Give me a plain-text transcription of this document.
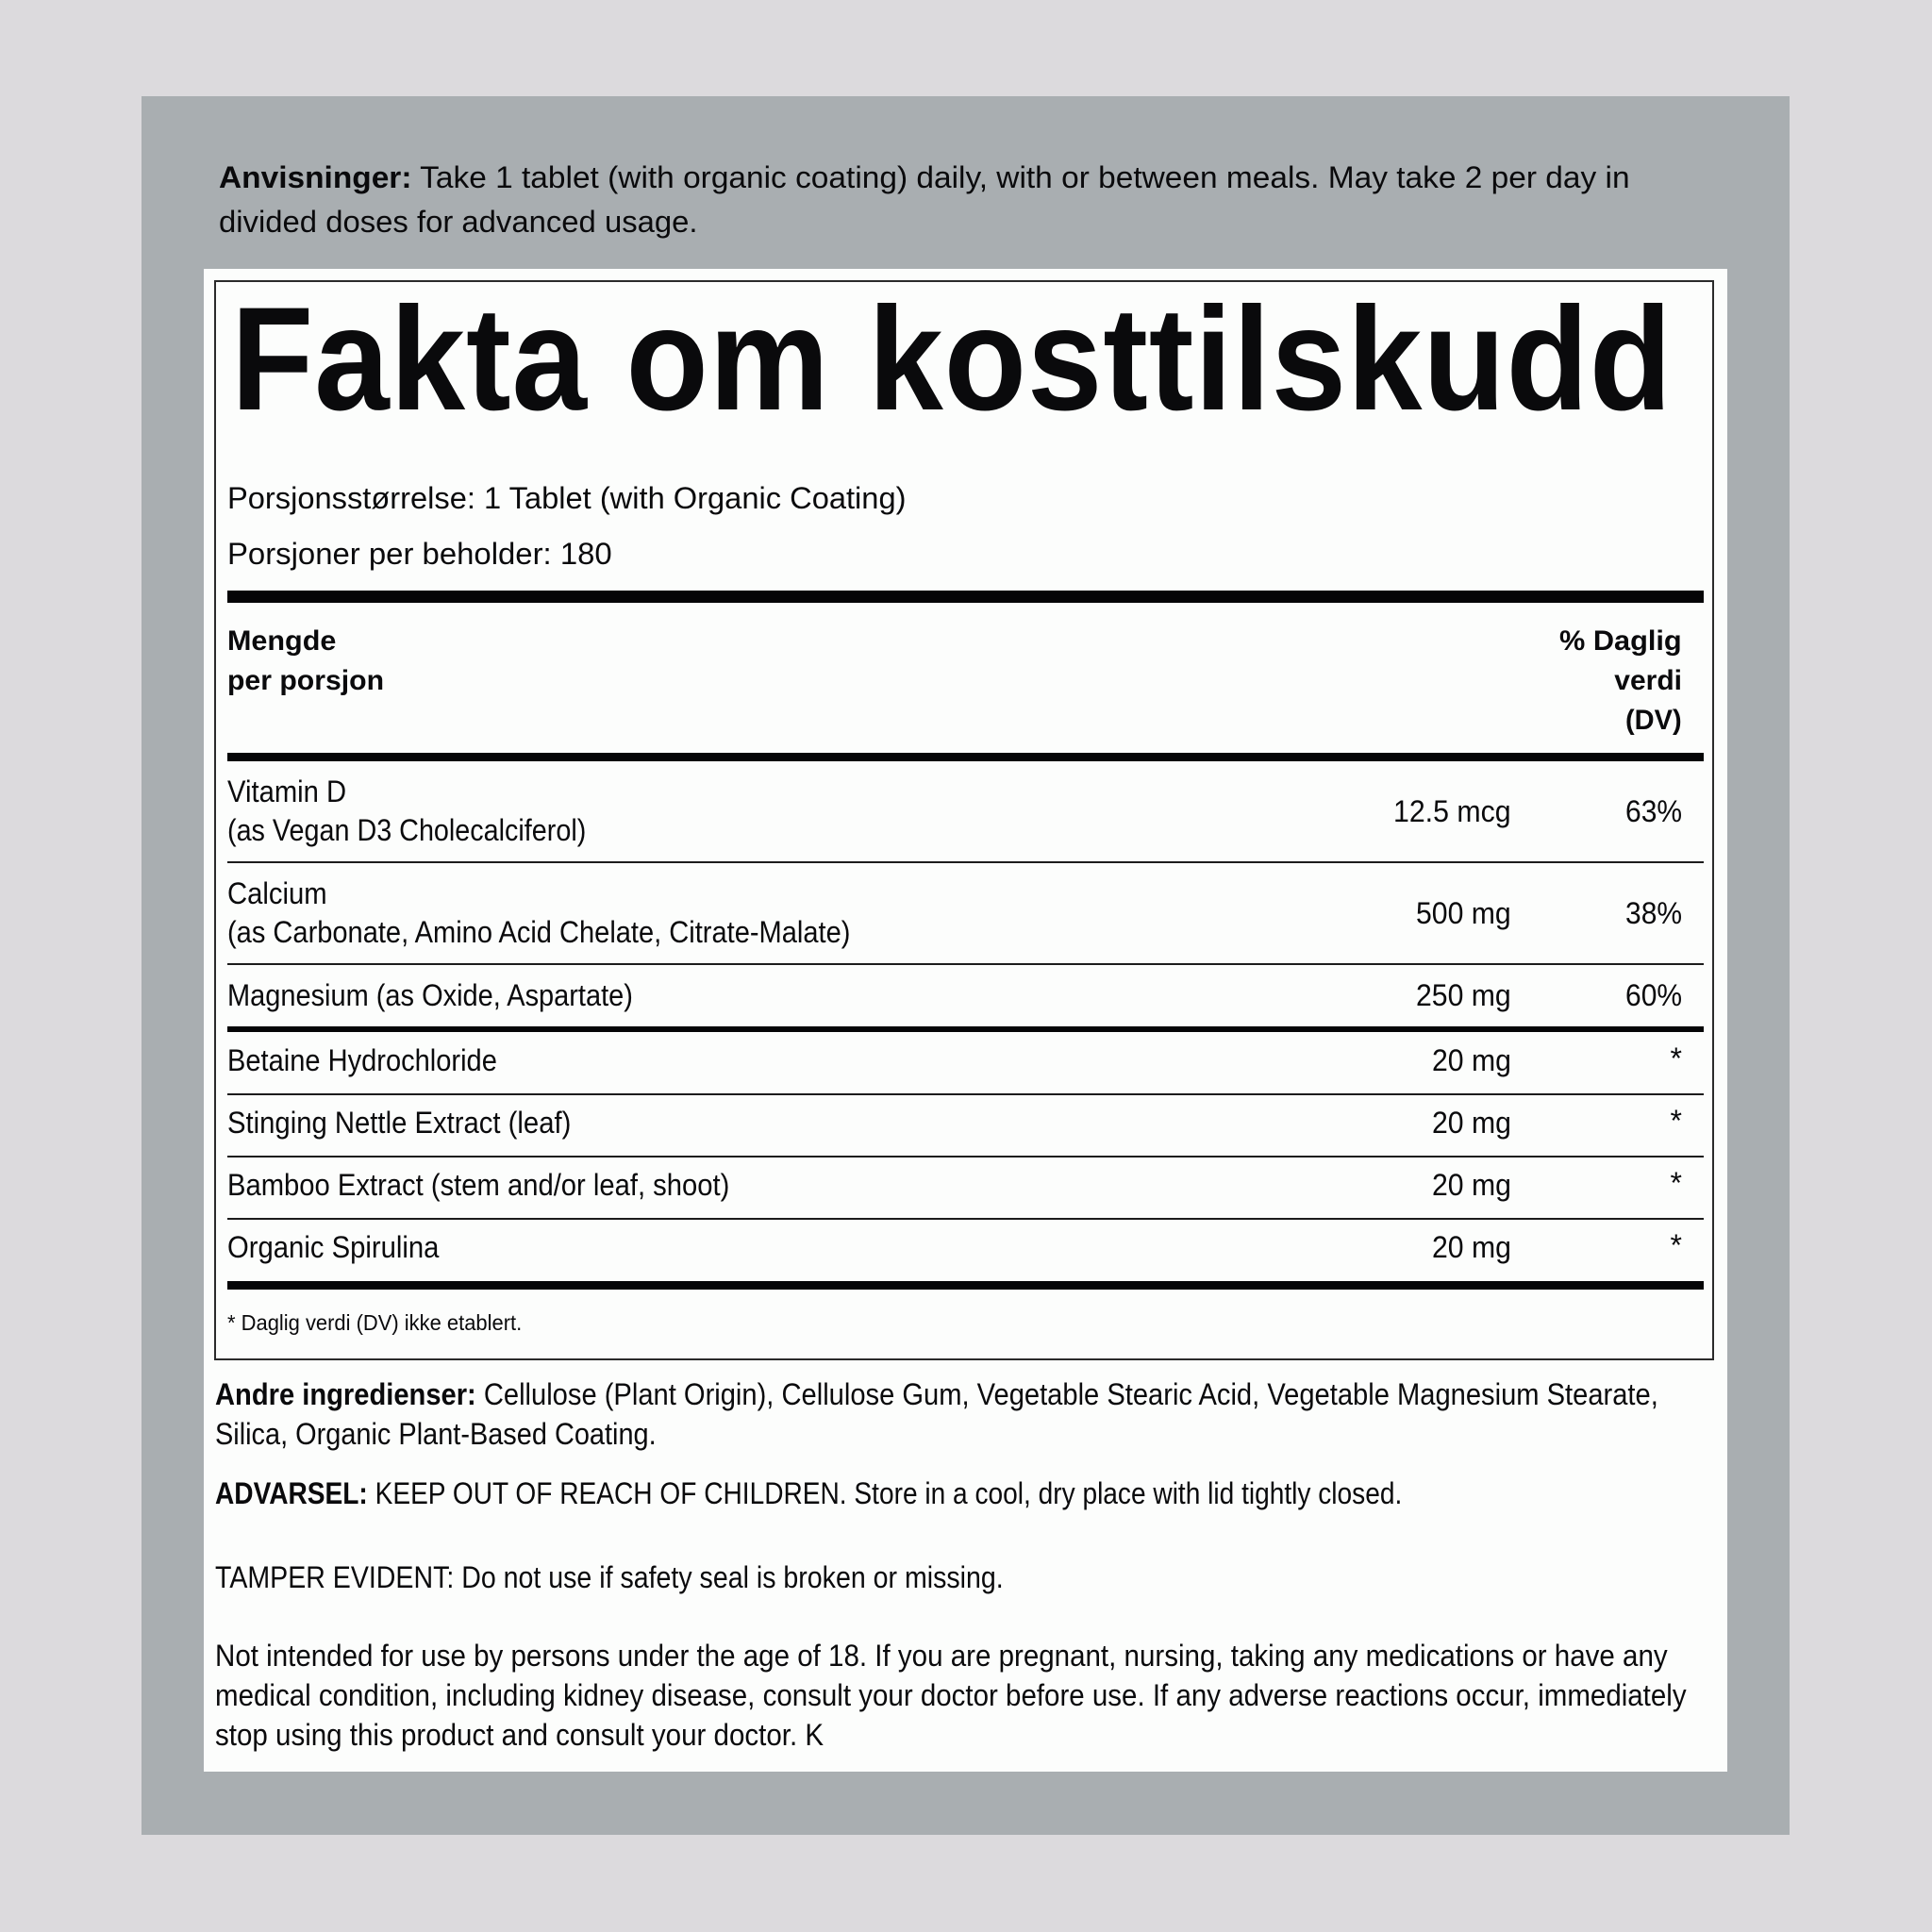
Anvisninger: Take 1 tablet (with organic coating) daily, with or between meals. May take 2 per day in
divided doses for advanced usage.
Fakta om kosttilskudd
Porsjonsstørrelse: 1 Tablet (with Organic Coating)
Porsjoner per beholder: 180
Mengde
per porsjon
% Daglig
verdi
(DV)
Vitamin D
(as Vegan D3 Cholecalciferol)
12.5 mcg	63%
Calcium
(as Carbonate, Amino Acid Chelate, Citrate-Malate)
500 mg	38%
Magnesium (as Oxide, Aspartate)	250 mg	60%
Betaine Hydrochloride	20 mg	*
Stinging Nettle Extract (leaf)	20 mg	*
Bamboo Extract (stem and/or leaf, shoot)	20 mg	*
Organic Spirulina	20 mg	*
* Daglig verdi (DV) ikke etablert.
Andre ingredienser: Cellulose (Plant Origin), Cellulose Gum, Vegetable Stearic Acid, Vegetable Magnesium Stearate,
Silica, Organic Plant-Based Coating.
ADVARSEL: KEEP OUT OF REACH OF CHILDREN. Store in a cool, dry place with lid tightly closed.
TAMPER EVIDENT: Do not use if safety seal is broken or missing.
Not intended for use by persons under the age of 18. If you are pregnant, nursing, taking any medications or have any
medical condition, including kidney disease, consult your doctor before use. If any adverse reactions occur, immediately
stop using this product and consult your doctor. K
